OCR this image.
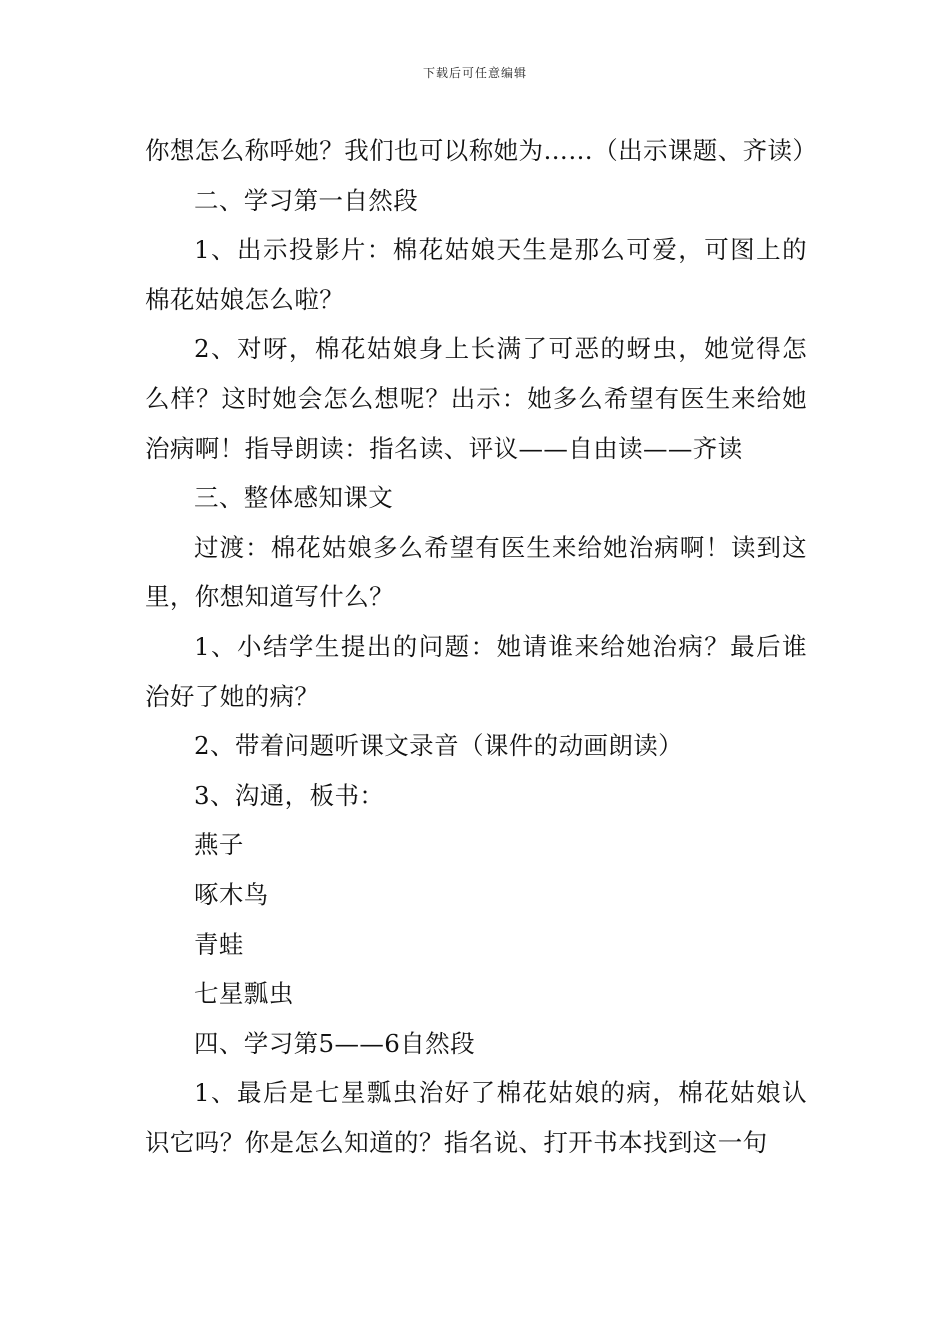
下载后可任意编辑

你想怎么称呼她？我们也可以称她为……（出示课题、齐读）

二、学习第一自然段

1、出示投影片：棉花姑娘天生是那么可爱，可图上的棉花姑娘怎么啦？

2、对呀，棉花姑娘身上长满了可恶的蚜虫，她觉得怎么样？这时她会怎么想呢？出示：她多么希望有医生来给她治病啊！指导朗读：指名读、评议——自由读——齐读

三、整体感知课文

过渡：棉花姑娘多么希望有医生来给她治病啊！读到这里，你想知道写什么？

1、小结学生提出的问题：她请谁来给她治病？最后谁治好了她的病？

2、带着问题听课文录音（课件的动画朗读）

3、沟通，板书：

燕子

啄木鸟

青蛙

七星瓢虫

四、学习第5——6自然段

1、最后是七星瓢虫治好了棉花姑娘的病，棉花姑娘认识它吗？你是怎么知道的？指名说、打开书本找到这一句
